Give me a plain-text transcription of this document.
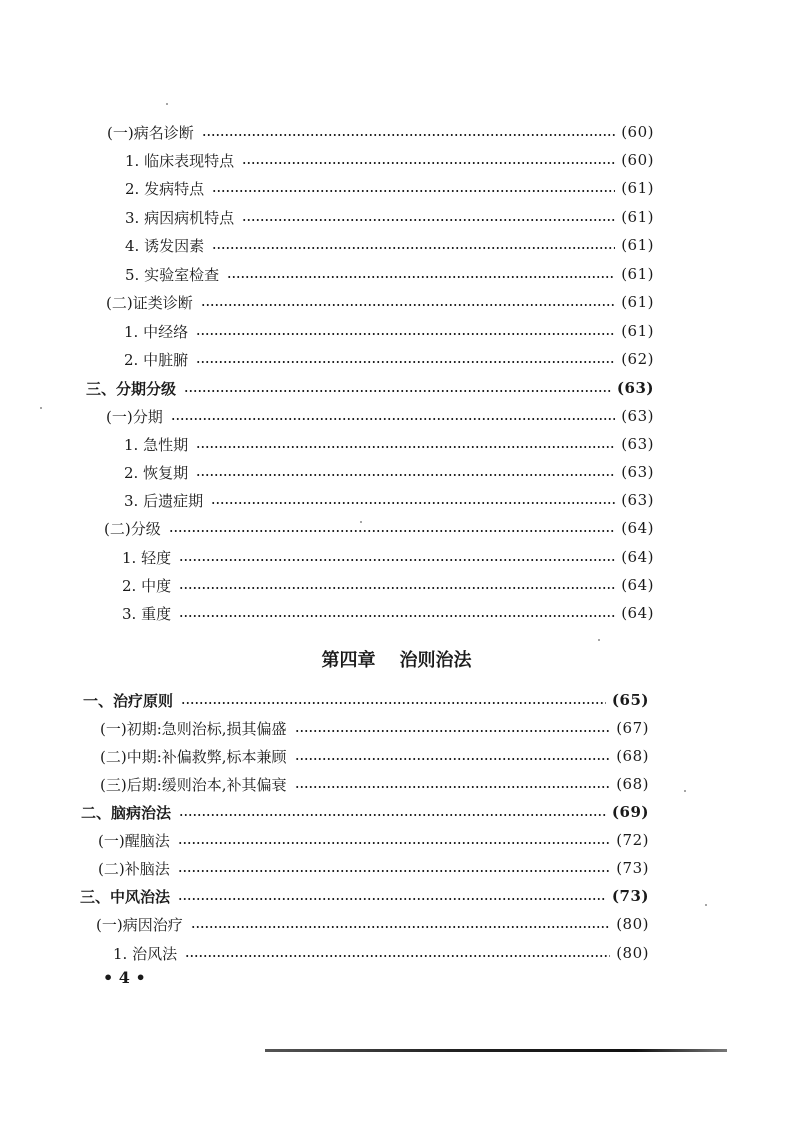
(一)病名诊断	(60)
1. 临床表现特点	(60)
2. 发病特点	(61)
3. 病因病机特点	(61)
4. 诱发因素	(61)
5. 实验室检查	(61)
(二)证类诊断	(61)
1. 中经络	(61)
2. 中脏腑	(62)
三、分期分级	(63)
(一)分期	(63)
1. 急性期	(63)
2. 恢复期	(63)
3. 后遗症期	(63)
(二)分级	(64)
1. 轻度	(64)
2. 中度	(64)
3. 重度	(64)
第四章 治则治法
一、治疗原则	(65)
(一)初期:急则治标,损其偏盛	(67)
(二)中期:补偏救弊,标本兼顾	(68)
(三)后期:缓则治本,补其偏衰	(68)
二、脑病治法	(69)
(一)醒脑法	(72)
(二)补脑法	(73)
三、中风治法	(73)
(一)病因治疗	(80)
1. 治风法	(80)
• 4 •
